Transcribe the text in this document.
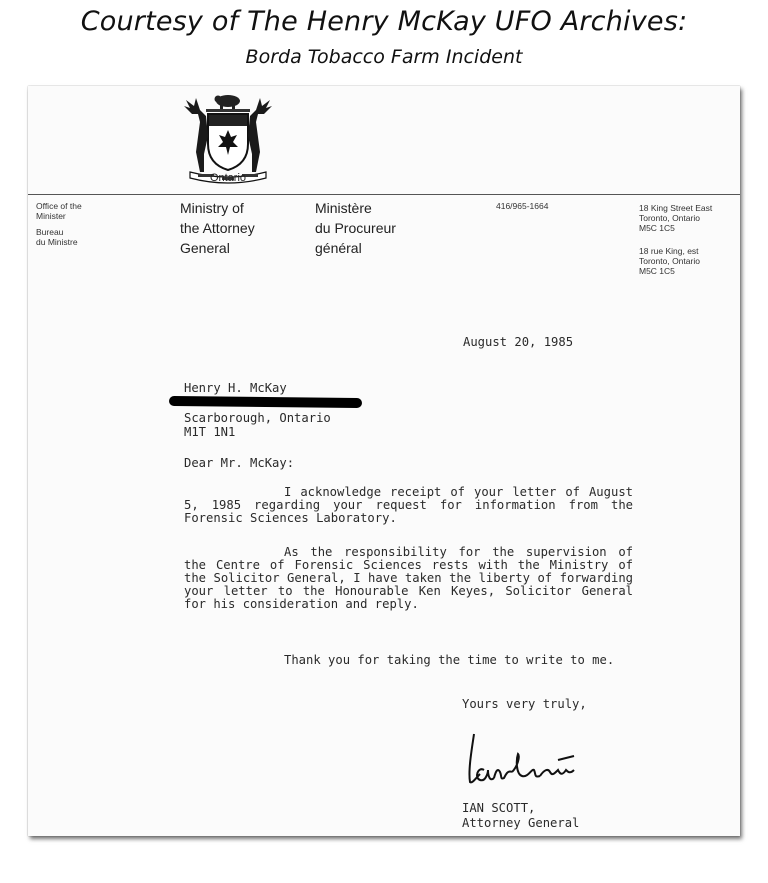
Courtesy of The Henry McKay UFO Archives:
Borda Tobacco Farm Incident
Ontario
Office of the
Minister
Bureau
du Ministre
Ministry of
the Attorney
General
Ministère
du Procureur
général
416/965-1664	18 King Street East
Toronto, Ontario
M5C 1C5
18 rue King, est
Toronto, Ontario
M5C 1C5
August 20, 1985
Henry H. McKay
Scarborough, Ontario
M1T 1N1
Dear Mr. McKay:
I acknowledge receipt of your letter of August 5, 1985 regarding your request for information from the Forensic Sciences Laboratory.
As the responsibility for the supervision of the Centre of Forensic Sciences rests with the Ministry of the Solicitor General, I have taken the liberty of forwarding your letter to the Honourable Ken Keyes, Solicitor General for his consideration and reply.
Thank you for taking the time to write to me.
Yours very truly,
IAN SCOTT,
Attorney General
